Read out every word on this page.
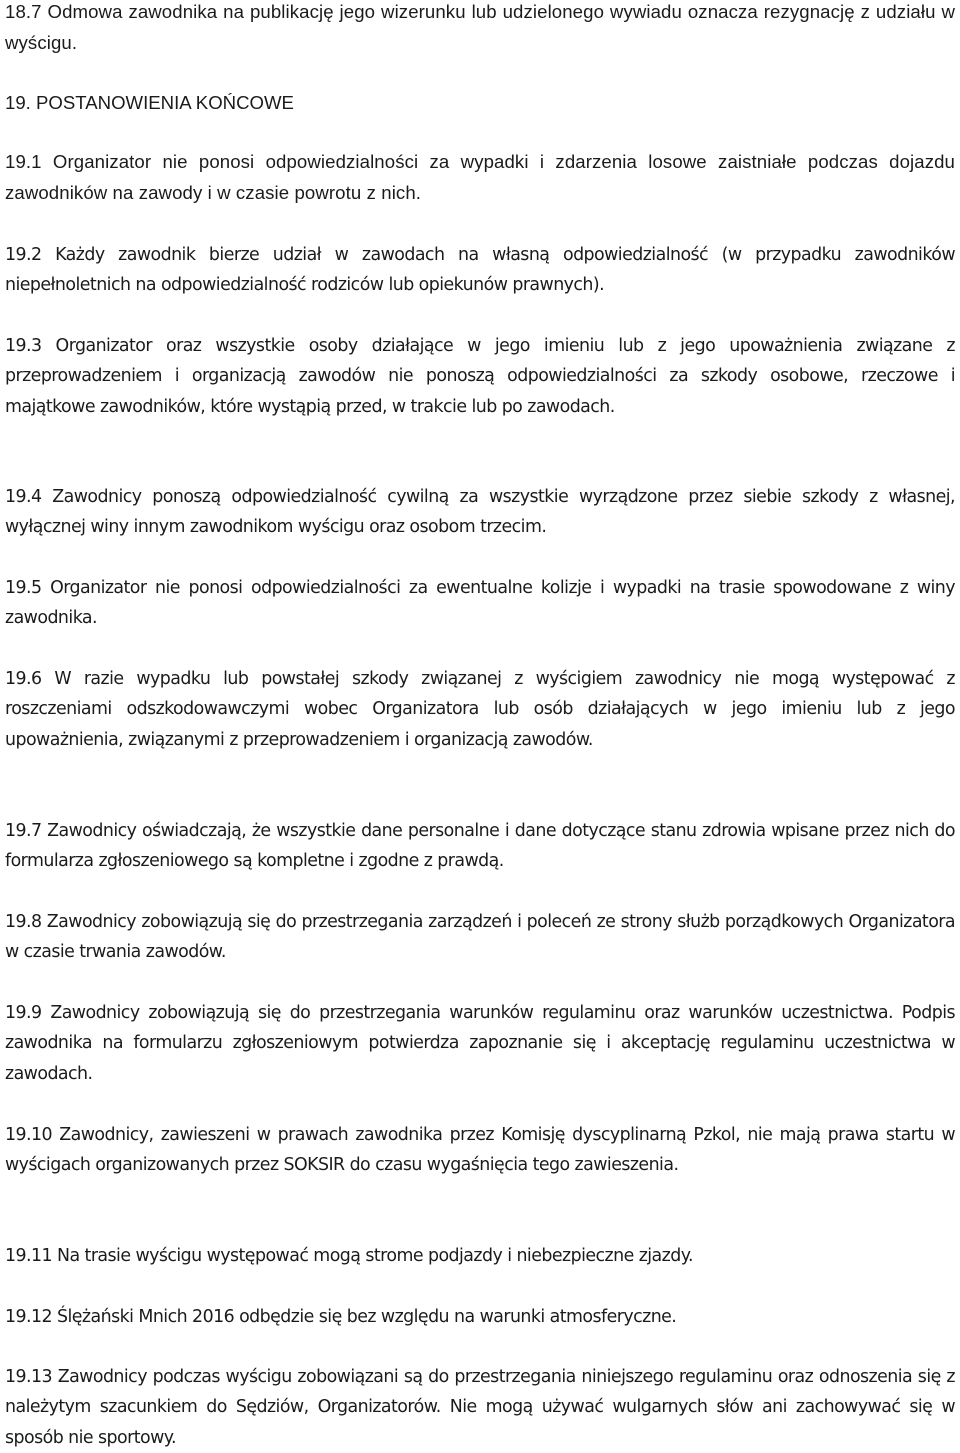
18.7 Odmowa zawodnika na publikację jego wizerunku lub udzielonego wywiadu oznacza rezygnację z udziału w wyścigu.

19. POSTANOWIENIA KOŃCOWE

19.1 Organizator nie ponosi odpowiedzialności za wypadki i zdarzenia losowe zaistniałe podczas dojazdu zawodników na zawody i w czasie powrotu z nich.

19.2 Każdy zawodnik bierze udział w zawodach na własną odpowiedzialność (w przypadku zawodników niepełnoletnich na odpowiedzialność rodziców lub opiekunów prawnych).

19.3 Organizator oraz wszystkie osoby działające w jego imieniu lub z jego upoważnienia związane z przeprowadzeniem i organizacją zawodów nie ponoszą odpowiedzialności za szkody osobowe, rzeczowe i majątkowe zawodników, które wystąpią przed, w trakcie lub po zawodach.

19.4 Zawodnicy ponoszą odpowiedzialność cywilną za wszystkie wyrządzone przez siebie szkody z własnej, wyłącznej winy innym zawodnikom wyścigu oraz osobom trzecim.

19.5 Organizator nie ponosi odpowiedzialności za ewentualne kolizje i wypadki na trasie spowodowane z winy zawodnika.

19.6 W razie wypadku lub powstałej szkody związanej z wyścigiem zawodnicy nie mogą występować z roszczeniami odszkodowawczymi wobec Organizatora lub osób działających w jego imieniu lub z jego upoważnienia, związanymi z przeprowadzeniem i organizacją zawodów.

19.7 Zawodnicy oświadczają, że wszystkie dane personalne i dane dotyczące stanu zdrowia wpisane przez nich do formularza zgłoszeniowego są kompletne i zgodne z prawdą.

19.8 Zawodnicy zobowiązują się do przestrzegania zarządzeń i poleceń ze strony służb porządkowych Organizatora w czasie trwania zawodów.

19.9 Zawodnicy zobowiązują się do przestrzegania warunków regulaminu oraz warunków uczestnictwa. Podpis zawodnika na formularzu zgłoszeniowym potwierdza zapoznanie się i akceptację regulaminu uczestnictwa w zawodach.

19.10 Zawodnicy, zawieszeni w prawach zawodnika przez Komisję dyscyplinarną Pzkol, nie mają prawa startu w wyścigach organizowanych przez SOKSIR do czasu wygaśnięcia tego zawieszenia.

19.11 Na trasie wyścigu występować mogą strome podjazdy i niebezpieczne zjazdy.

19.12 Ślężański Mnich 2016 odbędzie się bez względu na warunki atmosferyczne.

19.13 Zawodnicy podczas wyścigu zobowiązani są do przestrzegania niniejszego regulaminu oraz odnoszenia się z należytym szacunkiem do Sędziów, Organizatorów. Nie mogą używać wulgarnych słów ani zachowywać się w sposób nie sportowy.
